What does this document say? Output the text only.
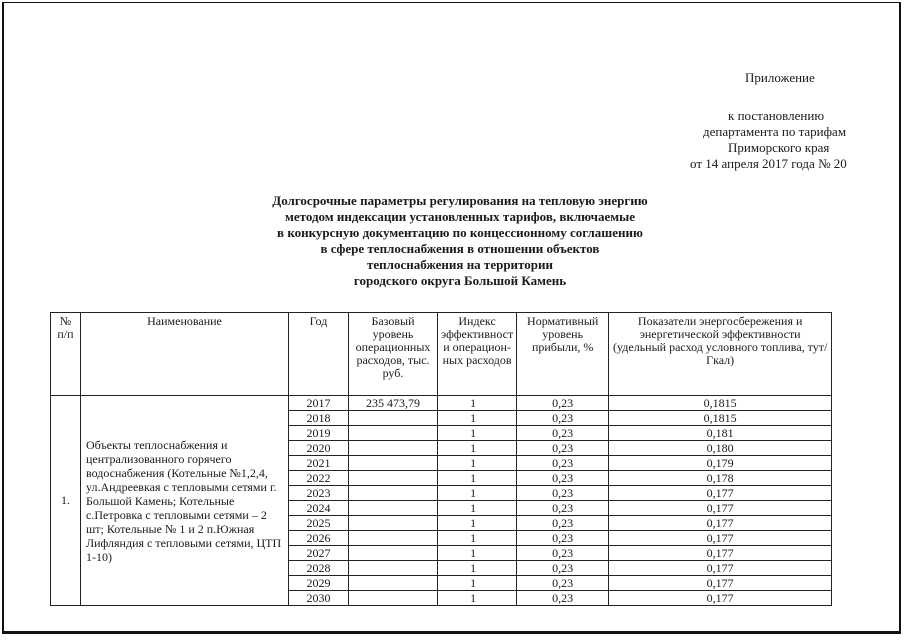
Приложение
к постановлению
департамента по тарифам
Приморского края
от 14 апреля 2017 года № 20
Долгосрочные параметры регулирования на тепловую энергию
методом индексации установленных тарифов, включаемые
в конкурсную документацию по концессионному соглашению
в сфере теплоснабжения в отношении объектов
теплоснабжения на территории
городского округа Большой Камень
№ п/п	Наименование	Год	Базовый уровень операционных расходов, тыс. руб.	Индекс эффективност и операцион-ных расходов	Нормативный уровень прибыли, %	Показатели энергосбережения и энергетической эффективности (удельный расход условного топлива, тут/ Гкал)
1.	Объекты теплоснабжения и централизованного горячего водоснабжения (Котельные №1,2,4, ул.Андреевкая с тепловыми сетями г. Большой Камень; Котельные с.Петровка с тепловыми сетями – 2 шт; Котельные № 1 и 2 п.Южная Лифляндия с тепловыми сетями, ЦТП 1-10)	2017	235 473,79	1	0,23	0,1815
		2018		1	0,23	0,1815
		2019		1	0,23	0,181
		2020		1	0,23	0,180
		2021		1	0,23	0,179
		2022		1	0,23	0,178
		2023		1	0,23	0,177
		2024		1	0,23	0,177
		2025		1	0,23	0,177
		2026		1	0,23	0,177
		2027		1	0,23	0,177
		2028		1	0,23	0,177
		2029		1	0,23	0,177
		2030		1	0,23	0,177
